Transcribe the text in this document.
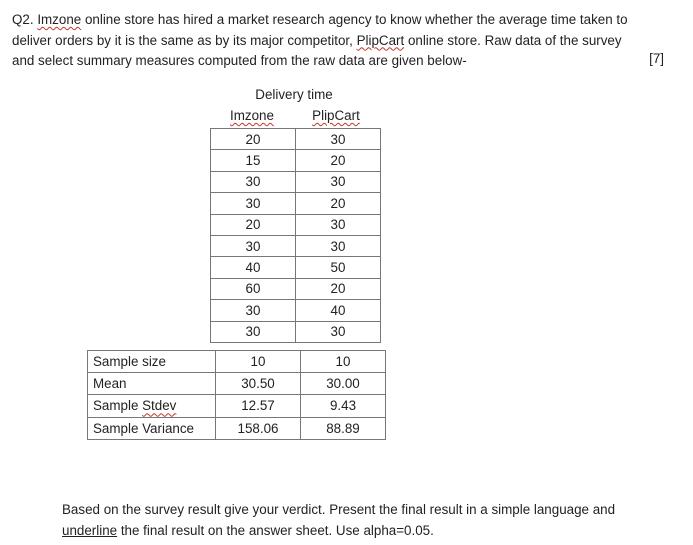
Q2. Imzone online store has hired a market research agency to know whether the average time taken to
deliver orders by it is the same as by its major competitor, PlipCart online store. Raw data of the survey
and select summary measures computed from the raw data are given below-	[7]
Delivery time
Imzone	PlipCart
20	30
15	20
30	30
30	20
20	30
30	30
40	50
60	20
30	40
30	30
Sample size	10	10
Mean	30.50	30.00
Sample Stdev	12.57	9.43
Sample Variance	158.06	88.89
Based on the survey result give your verdict. Present the final result in a simple language and
underline the final result on the answer sheet. Use alpha=0.05.
